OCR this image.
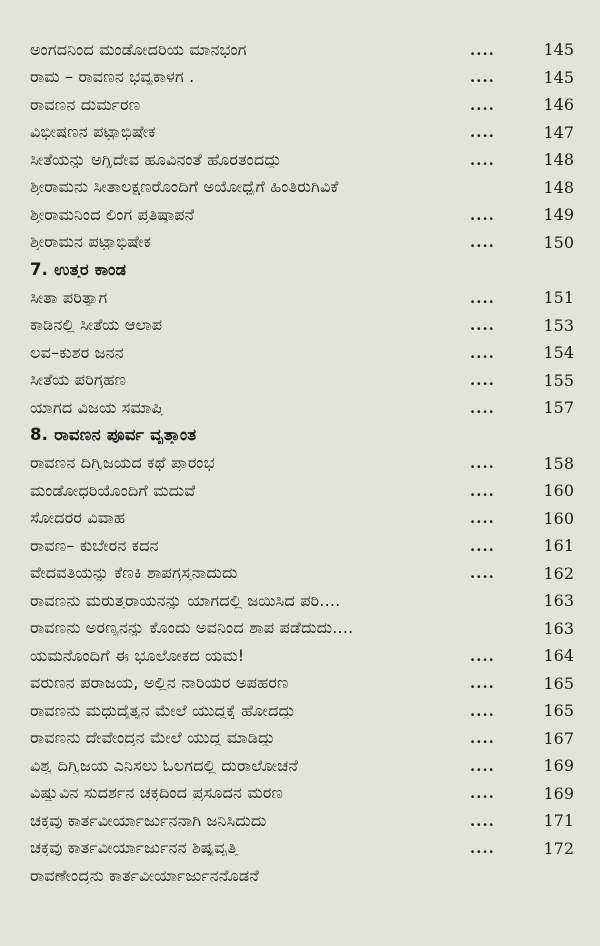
ಅಂಗದನಿಂದ ಮಂಡೋದರಿಯ ಮಾನಭಂಗ	....	145
ರಾಮ – ರಾವಣನ ಭವ್ಯಕಾಳಗ .	....	145
ರಾವಣನ ದುರ್ಮರಣ	....	146
ವಿಭೀಷಣನ ಪಟ್ಟಾಭಿಷೇಕ	....	147
ಸೀತೆಯನ್ನು ಅಗ್ನಿದೇವ ಹೂವಿನಂತೆ ಹೊರತಂದದ್ದು	....	148
ಶ್ರೀರಾಮನು ಸೀತಾಲಕ್ಷ್ಮಣರೊಂದಿಗೆ ಅಯೋಧ್ಯೆಗೆ ಹಿಂತಿರುಗಿವಿಕೆ	148
ಶ್ರೀರಾಮನಿಂದ ಲಿಂಗ ಪ್ರತಿಷ್ಠಾಪನೆ	....	149
ಶ್ರೀರಾಮನ ಪಟ್ಟಾಭಿಷೇಕ	....	150
7. ಉತ್ತರ ಕಾಂಡ
ಸೀತಾ ಪರಿತ್ಯಾಗ	....	151
ಕಾಡಿನಲ್ಲಿ ಸೀತೆಯ ಆಲಾಪ	....	153
ಲವ–ಕುಶರ ಜನನ	....	154
ಸೀತೆಯ ಪರಿಗ್ರಹಣ	....	155
ಯಾಗದ ವಿಜಯ ಸಮಾಪ್ತಿ	....	157
8. ರಾವಣನ ಪೂರ್ವ ವೃತ್ತಾಂತ
ರಾವಣನ ದಿಗ್ವಿಜಯದ ಕಥೆ ಪ್ರಾರಂಭ	....	158
ಮಂಡೋಧರಿಯೊಂದಿಗೆ ಮದುವೆ	....	160
ಸೋದರರ ವಿವಾಹ	....	160
ರಾವಣ– ಕುಬೇರನ ಕದನ	....	161
ವೇದವತಿಯನ್ನು ಕೆಣಕಿ ಶಾಪಗ್ರಸ್ತನಾದುದು	....	162
ರಾವಣನು ಮರುತ್ತರಾಯನನ್ನು ಯಾಗದಲ್ಲಿ ಜಯಿಸಿದ ಪರಿ....	163
ರಾವಣನು ಅರಣ್ಯನನ್ನು ಕೊಂದು ಅವನಿಂದ ಶಾಪ ಪಡೆದುದು....	163
ಯಮನೊಂದಿಗೆ ಈ ಭೂಲೋಕದ ಯಮ!	....	164
ವರುಣನ ಪರಾಜಯ, ಅಲ್ಲಿನ ನಾರಿಯರ ಅಪಹರಣ	....	165
ರಾವಣನು ಮಧುದೈತ್ಯನ ಮೇಲೆ ಯುದ್ಧಕ್ಕೆ ಹೋದದ್ದು	....	165
ರಾವಣನು ದೇವೇಂದ್ರನ ಮೇಲೆ ಯುದ್ಧ ಮಾಡಿದ್ದು	....	167
ವಿಶ್ವ ದಿಗ್ವಿಜಯ ಎನಿಸಲು ಓಲಗದಲ್ಲಿ ದುರಾಲೋಚನೆ	....	169
ವಿಷ್ಣುವಿನ ಸುದರ್ಶನ ಚಕ್ರದಿಂದ ಪ್ರಸೂದನ ಮರಣ	....	169
ಚಕ್ರವು ಕಾರ್ತವೀರ್ಯಾರ್ಜುನನಾಗಿ ಜನಿಸಿದುದು	....	171
ಚಕ್ರವು ಕಾರ್ತವೀರ್ಯಾರ್ಜುನನ ಶಿಷ್ಯವೃತ್ತಿ	....	172
ರಾವಣೇಂದ್ರನು ಕಾರ್ತವೀರ್ಯಾರ್ಜುನನೊಡನೆ
